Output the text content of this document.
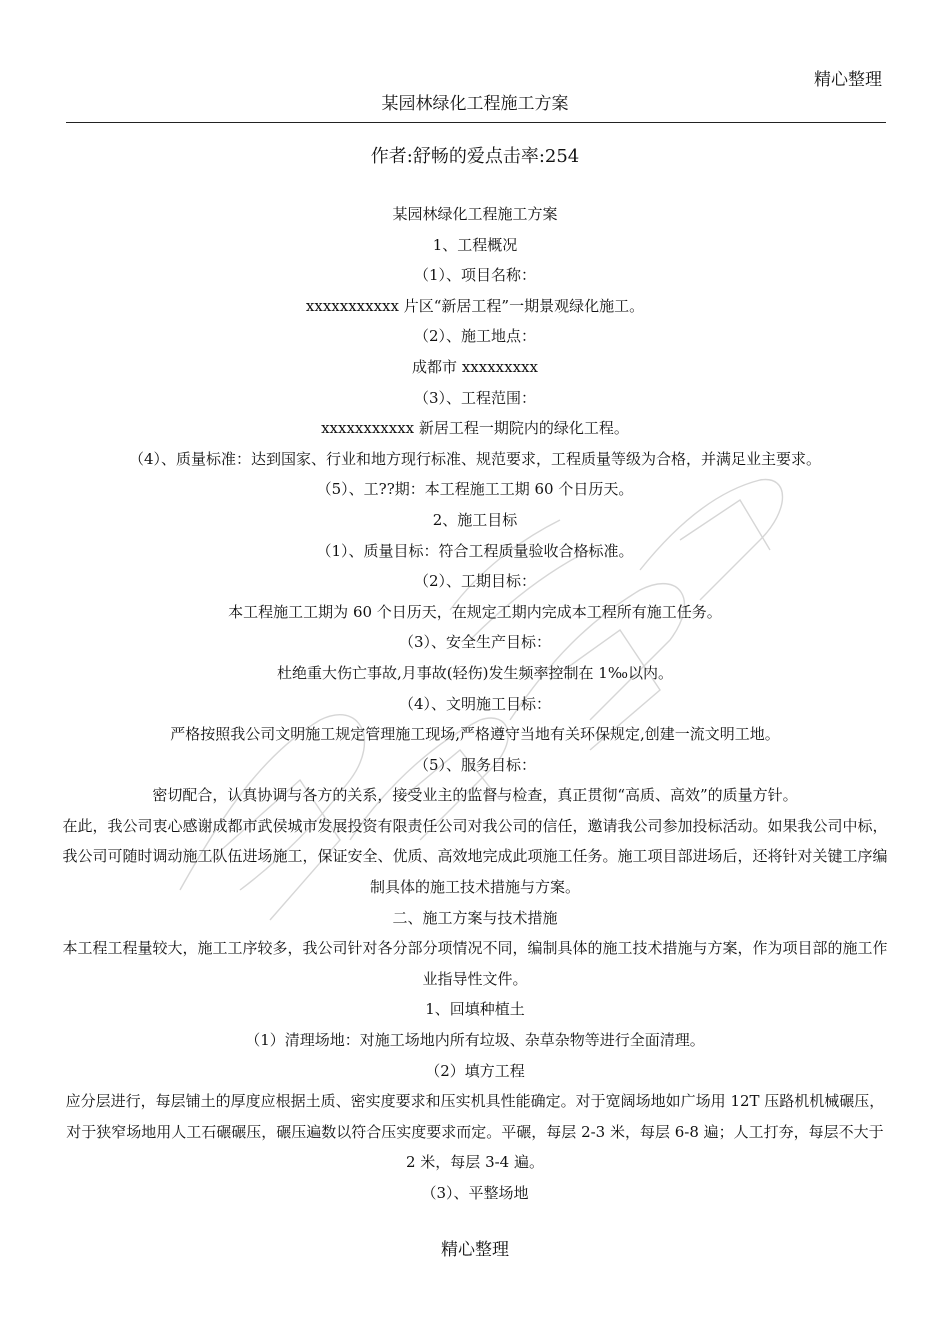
精心整理
某园林绿化工程施工方案
作者:舒畅的爱点击率:254

某园林绿化工程施工方案

1、工程概况

（1）、项目名称：

xxxxxxxxxxx 片区“新居工程”一期景观绿化施工。

（2）、施工地点：

成都市 xxxxxxxxx

（3）、工程范围：

xxxxxxxxxxx 新居工程一期院内的绿化工程。

（4）、质量标准：达到国家、行业和地方现行标准、规范要求，工程质量等级为合格，并满足业主要求。

（5）、工??期：本工程施工工期 60 个日历天。

2、施工目标

（1）、质量目标：符合工程质量验收合格标准。

（2）、工期目标：

本工程施工工期为 60 个日历天，在规定工期内完成本工程所有施工任务。

（3）、安全生产目标：

杜绝重大伤亡事故,月事故(轻伤)发生频率控制在 1‰以内。

（4）、文明施工目标：

严格按照我公司文明施工规定管理施工现场,严格遵守当地有关环保规定,创建一流文明工地。

（5）、服务目标：

密切配合，认真协调与各方的关系，接受业主的监督与检查，真正贯彻“高质、高效”的质量方针。

在此，我公司衷心感谢成都市武侯城市发展投资有限责任公司对我公司的信任，邀请我公司参加投标活动。如果我公司中标，我公司可随时调动施工队伍进场施工，保证安全、优质、高效地完成此项施工任务。施工项目部进场后，还将针对关键工序编制具体的施工技术措施与方案。

二、施工方案与技术措施

本工程工程量较大，施工工序较多，我公司针对各分部分项情况不同，编制具体的施工技术措施与方案，作为项目部的施工作业指导性文件。

1、回填种植土

（1）清理场地：对施工场地内所有垃圾、杂草杂物等进行全面清理。

（2）填方工程

应分层进行，每层铺土的厚度应根据土质、密实度要求和压实机具性能确定。对于宽阔场地如广场用 12T 压路机机械碾压，对于狭窄场地用人工石碾碾压，碾压遍数以符合压实度要求而定。平碾，每层 2-3 米，每层 6-8 遍；人工打夯，每层不大于 2 米，每层 3-4 遍。

（3）、平整场地

精心整理
